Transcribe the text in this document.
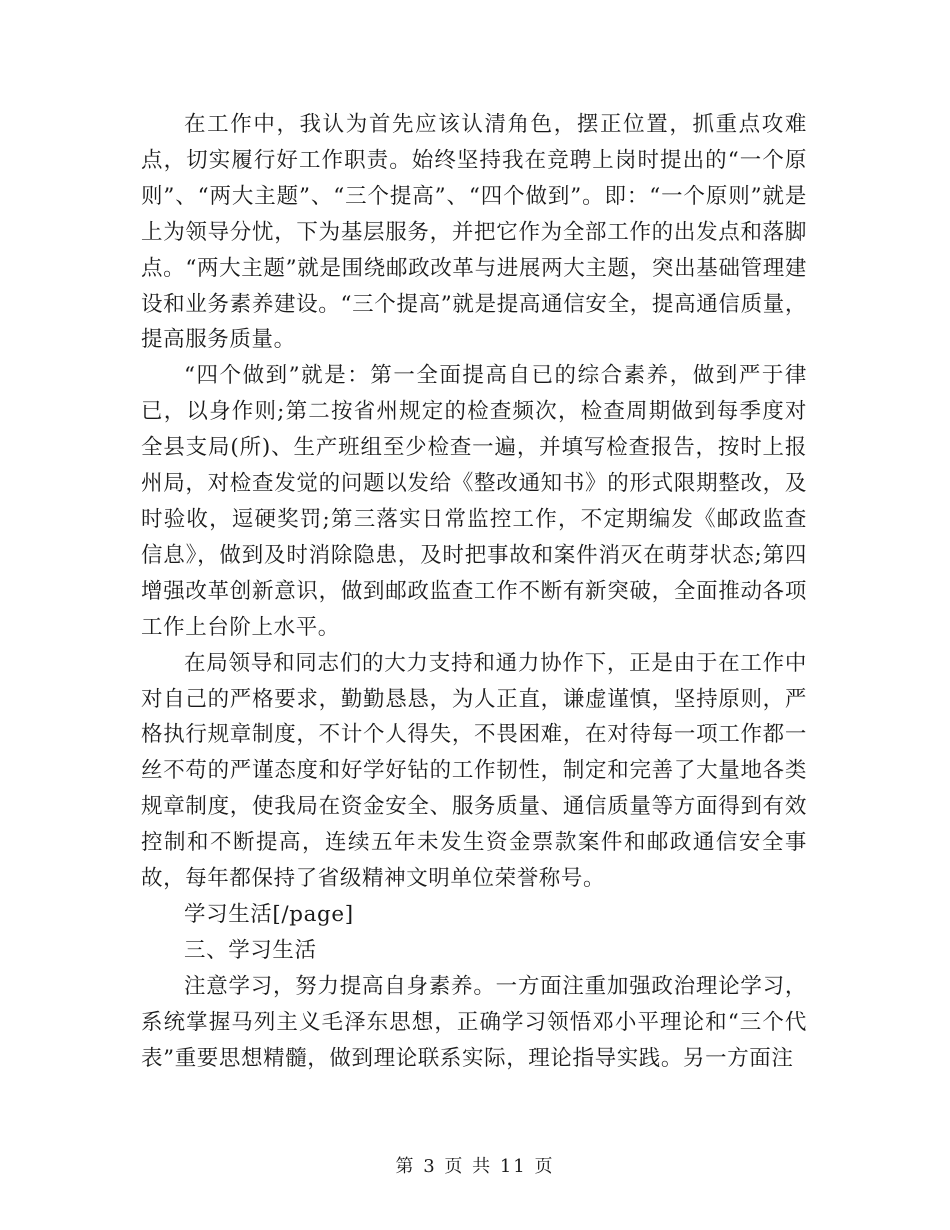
在工作中，我认为首先应该认清角色，摆正位置，抓重点攻难点，切实履行好工作职责。始终坚持我在竞聘上岗时提出的“一个原则”、“两大主题”、“三个提高”、“四个做到”。即：“一个原则”就是上为领导分忧，下为基层服务，并把它作为全部工作的出发点和落脚点。“两大主题”就是围绕邮政改革与进展两大主题，突出基础管理建设和业务素养建设。“三个提高”就是提高通信安全，提高通信质量，提高服务质量。

“四个做到”就是：第一全面提高自已的综合素养，做到严于律已，以身作则;第二按省州规定的检查频次，检查周期做到每季度对全县支局(所)、生产班组至少检查一遍，并填写检查报告，按时上报州局，对检查发觉的问题以发给《整改通知书》的形式限期整改，及时验收，逗硬奖罚;第三落实日常监控工作，不定期编发《邮政监查信息》，做到及时消除隐患，及时把事故和案件消灭在萌芽状态;第四增强改革创新意识，做到邮政监查工作不断有新突破，全面推动各项工作上台阶上水平。

在局领导和同志们的大力支持和通力协作下，正是由于在工作中对自己的严格要求，勤勤恳恳，为人正直，谦虚谨慎，坚持原则，严格执行规章制度，不计个人得失，不畏困难，在对待每一项工作都一丝不苟的严谨态度和好学好钻的工作韧性，制定和完善了大量地各类规章制度，使我局在资金安全、服务质量、通信质量等方面得到有效控制和不断提高，连续五年未发生资金票款案件和邮政通信安全事故，每年都保持了省级精神文明单位荣誉称号。

学习生活[/page]

三、学习生活

注意学习，努力提高自身素养。一方面注重加强政治理论学习，系统掌握马列主义毛泽东思想，正确学习领悟邓小平理论和“三个代表”重要思想精髓，做到理论联系实际，理论指导实践。另一方面注

第 3 页 共 11 页
